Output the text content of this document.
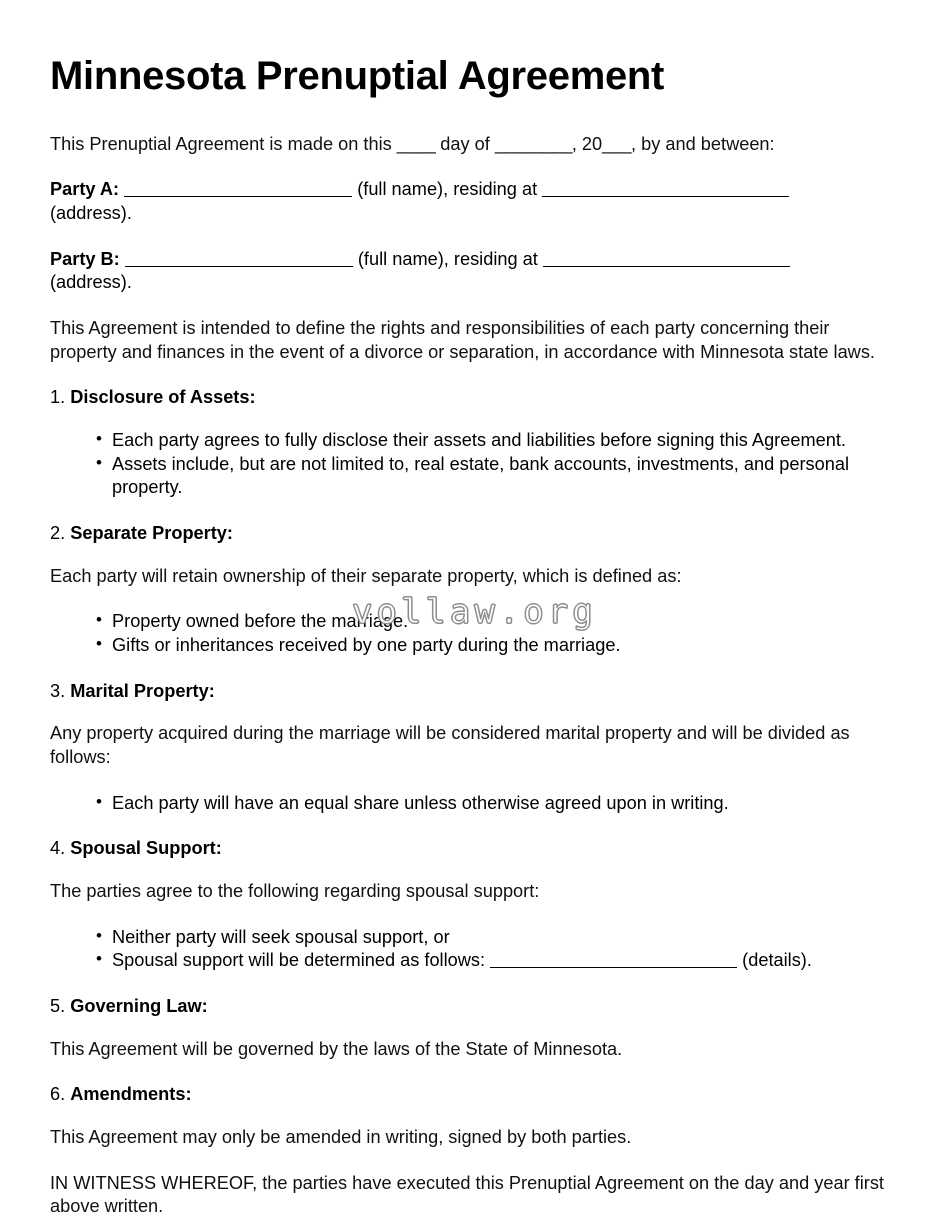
Minnesota Prenuptial Agreement

This Prenuptial Agreement is made on this ____ day of ________, 20___, by and between:

Party A:	(full name), residing at
(address).

Party B:	(full name), residing at
(address).

This Agreement is intended to define the rights and responsibilities of each party concerning their property and finances in the event of a divorce or separation, in accordance with Minnesota state laws.

1. Disclosure of Assets:
• Each party agrees to fully disclose their assets and liabilities before signing this Agreement.
• Assets include, but are not limited to, real estate, bank accounts, investments, and personal property.
2. Separate Property:

Each party will retain ownership of their separate property, which is defined as:

• Property owned before the marriage.
• Gifts or inheritances received by one party during the marriage.
3. Marital Property:

Any property acquired during the marriage will be considered marital property and will be divided as follows:

• Each party will have an equal share unless otherwise agreed upon in writing.
4. Spousal Support:

The parties agree to the following regarding spousal support:

• Neither party will seek spousal support, or
• Spousal support will be determined as follows:	(details).
5. Governing Law:

This Agreement will be governed by the laws of the State of Minnesota.

6. Amendments:

This Agreement may only be amended in writing, signed by both parties.

IN WITNESS WHEREOF, the parties have executed this Prenuptial Agreement on the day and year first above written.

vollaw.org
